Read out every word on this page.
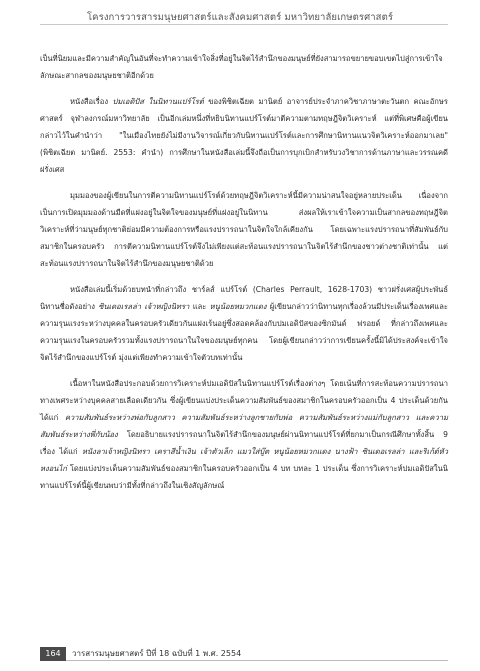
โครงการวารสารมนุษยศาสตร์และสังคมศาสตร์ มหาวิทยาลัยเกษตรศาสตร์

เป็นที่นิยมและมีความสำคัญในอันที่จะทำความเข้าใจสิ่งที่อยู่ในจิตไร้สำนึกของมนุษย์ที่ยังสามารถขยายขอบเขตไปสู่การเข้าใจลักษณะสากลของมนุษยชาติอีกด้วย

หนังสือเรื่อง ปมเอดิปัส ในนิทานแปร์โรต์ ของพิชิตเฉียต มานิตย์ อาจารย์ประจำภาควิชาภาษาตะวันตก คณะอักษรศาสตร์ จุฬาลงกรณ์มหาวิทยาลัย เป็นอีกเล่มหนึ่งที่หยิบนิทานแปร์โรต์มาตีความตามทฤษฎีจิตวิเคราะห์ แต่ที่พิเศษคือผู้เขียนกล่าวไว้ในคำนำว่า "ในเมืองไทยยังไม่มีงานวิจารณ์เกี่ยวกับนิทานแปร์โรต์และการศึกษานิทานแนวจิตวิเคราะห์ออกมาเลย" (พิชิตเฉียต มานิตย์. 2553: คำนำ) การศึกษาในหนังสือเล่มนี้จึงถือเป็นการบุกเบิกสำหรับวงวิชาการด้านภาษาและวรรณคดีฝรั่งเศส

มุมมองของผู้เขียนในการตีความนิทานแปร์โรต์ด้วยทฤษฎีจิตวิเคราะห์นี้มีความน่าสนใจอยู่หลายประเด็น เนื่องจากเป็นการเปิดมุมมองด้านมืดที่แฝงอยู่ในจิตใจของมนุษย์ที่แฝงอยู่ในนิทาน ส่งผลให้เราเข้าใจความเป็นสากลของทฤษฎีจิตวิเคราะห์ที่ว่ามนุษย์ทุกชาติย่อมมีความต้องการหรือแรงปรารถนาในจิตใจใกล้เคียงกัน โดยเฉพาะแรงปรารถนาที่สัมพันธ์กับสมาชิกในครอบครัว การตีความนิทานแปร์โรต์จึงไม่เพียงแต่สะท้อนแรงปรารถนาในจิตไร้สำนึกของชาวต่างชาติเท่านั้น แต่สะท้อนแรงปรารถนาในจิตไร้สำนึกของมนุษยชาติด้วย

หนังสือเล่มนี้เริ่มด้วยบทนำที่กล่าวถึง ชาร์ลส์ แปร์โรต์ (Charles Perrault, 1628-1703) ชาวฝรั่งเศสผู้ประพันธ์นิทานชื่อดังอย่าง ซินเดอเรลล่า เจ้าหญิงนิทรา และ หนูน้อยหมวกแดง ผู้เขียนกล่าวว่านิทานทุกเรื่องล้วนมีประเด็นเรื่องเพศและความรุนแรงระหว่างบุคคลในครอบครัวเดียวกันแฝงเร้นอยู่ซึ่งสอดคล้องกับปมเอดิปัสของซิกมันด์ ฟรอยด์ ที่กล่าวถึงเพศและความรุนแรงในครอบครัวรวมทั้งแรงปรารถนาในใจของมนุษย์ทุกคน โดยผู้เขียนกล่าวว่าการเขียนครั้งนี้มิได้ประสงค์จะเข้าใจจิตไร้สำนึกของแปร์โรต์ มุ่งแต่เพียงทำความเข้าใจตัวบทเท่านั้น

เนื้อหาในหนังสือประกอบด้วยการวิเคราะห์ปมเอดิปัสในนิทานแปร์โรต์เรื่องต่างๆ โดยเน้นที่การสะท้อนความปรารถนาทางเพศระหว่างบุคคลสายเลือดเดียวกัน ซึ่งผู้เขียนแบ่งประเด็นความสัมพันธ์ของสมาชิกในครอบครัวออกเป็น 4 ประเด็นด้วยกัน ได้แก่ ความสัมพันธ์ระหว่างพ่อกับลูกสาว ความสัมพันธ์ระหว่างลูกชายกับพ่อ ความสัมพันธ์ระหว่างแม่กับลูกสาว และความสัมพันธ์ระหว่างพี่กับน้อง โดยอธิบายแรงปรารถนาในจิตไร้สำนึกของมนุษย์ผ่านนิทานแปร์โรต์ที่ยกมาเป็นกรณีศึกษาทั้งสิ้น 9 เรื่อง ได้แก่ หนังลาเจ้าหญิงนิทรา เคราสีน้ำเงิน เจ้าตัวเล็ก แมวใส่บู๊ต หนูน้อยหมวกแดง นางฟ้า ซินเดอเรลล่า และริเก้ต์หัวหงอนไก่ โดยแบ่งประเด็นความสัมพันธ์ของสมาชิกในครอบครัวออกเป็น 4 บท บทละ 1 ประเด็น ซึ่งการวิเคราะห์ปมเอดิปัสในนิทานแปร์โรต์นี้ผู้เขียนพบว่ามีทั้งที่กล่าวถึงในเชิงสัญลักษณ์

164	วารสารมนุษยศาสตร์ ปีที่ 18 ฉบับที่ 1 พ.ศ. 2554
